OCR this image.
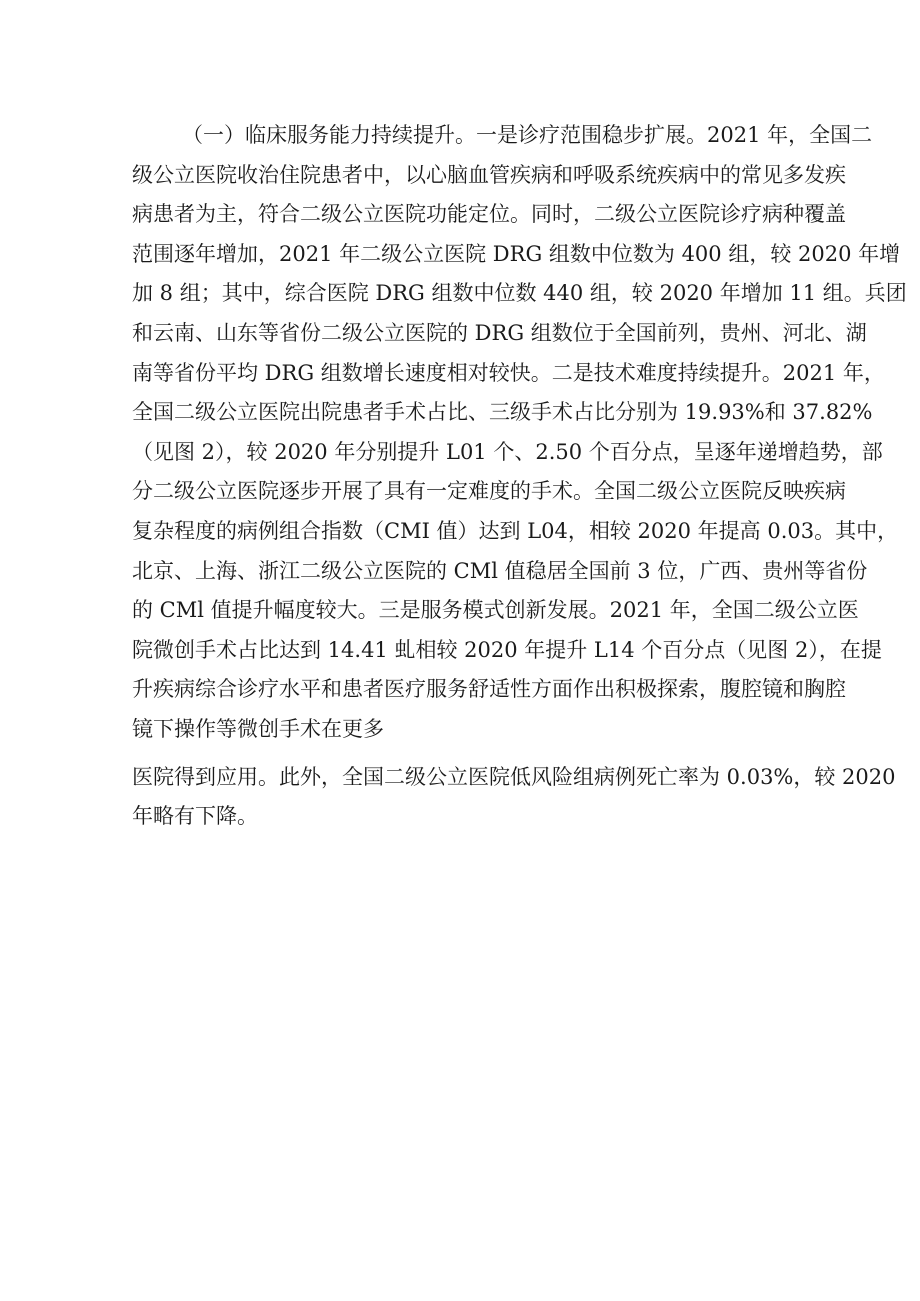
（一）临床服务能力持续提升。一是诊疗范围稳步扩展。2021 年，全国二
级公立医院收治住院患者中，以心脑血管疾病和呼吸系统疾病中的常见多发疾
病患者为主，符合二级公立医院功能定位。同时，二级公立医院诊疗病种覆盖
范围逐年增加，2021 年二级公立医院 DRG 组数中位数为 400 组，较 2020 年增
加 8 组；其中，综合医院 DRG 组数中位数 440 组，较 2020 年增加 11 组。兵团
和云南、山东等省份二级公立医院的 DRG 组数位于全国前列，贵州、河北、湖
南等省份平均 DRG 组数增长速度相对较快。二是技术难度持续提升。2021 年，
全国二级公立医院出院患者手术占比、三级手术占比分别为 19.93%和 37.82%
（见图 2），较 2020 年分别提升 L01 个、2.50 个百分点，呈逐年递增趋势，部
分二级公立医院逐步开展了具有一定难度的手术。全国二级公立医院反映疾病
复杂程度的病例组合指数（CMI 值）达到 L04，相较 2020 年提高 0.03。其中，
北京、上海、浙江二级公立医院的 CMl 值稳居全国前 3 位，广西、贵州等省份
的 CMl 值提升幅度较大。三是服务模式创新发展。2021 年，全国二级公立医
院微创手术占比达到 14.41 虬相较 2020 年提升 L14 个百分点（见图 2），在提
升疾病综合诊疗水平和患者医疗服务舒适性方面作出积极探索，腹腔镜和胸腔
镜下操作等微创手术在更多
医院得到应用。此外，全国二级公立医院低风险组病例死亡率为 0.03%，较 2020
年略有下降。
